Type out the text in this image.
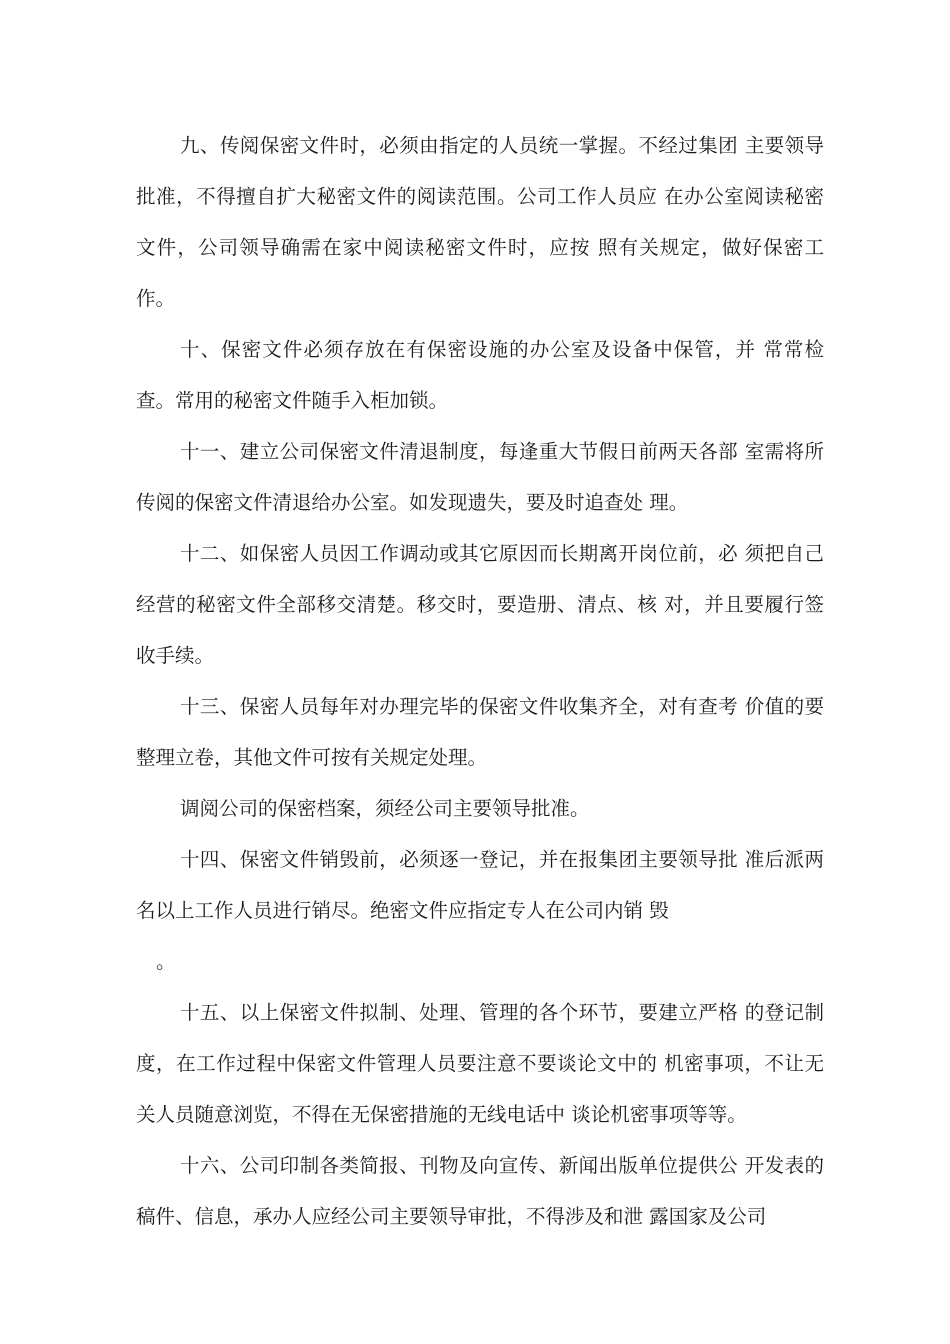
九、传阅保密文件时，必须由指定的人员统一掌握。不经过集团 主要领导批准，不得擅自扩大秘密文件的阅读范围。公司工作人员应 在办公室阅读秘密文件，公司领导确需在家中阅读秘密文件时，应按 照有关规定，做好保密工作。

十、保密文件必须存放在有保密设施的办公室及设备中保管，并 常常检查。常用的秘密文件随手入柜加锁。

十一、建立公司保密文件清退制度，每逢重大节假日前两天各部 室需将所传阅的保密文件清退给办公室。如发现遗失，要及时追查处 理。

十二、如保密人员因工作调动或其它原因而长期离开岗位前，必 须把自己经营的秘密文件全部移交清楚。移交时，要造册、清点、核 对，并且要履行签收手续。

十三、保密人员每年对办理完毕的保密文件收集齐全，对有查考 价值的要整理立卷，其他文件可按有关规定处理。

调阅公司的保密档案，须经公司主要领导批准。

十四、保密文件销毁前，必须逐一登记，并在报集团主要领导批 准后派两名以上工作人员进行销尽。绝密文件应指定专人在公司内销 毁

。

十五、以上保密文件拟制、处理、管理的各个环节，要建立严格 的登记制度，在工作过程中保密文件管理人员要注意不要谈论文中的 机密事项，不让无关人员随意浏览，不得在无保密措施的无线电话中 谈论机密事项等等。

十六、公司印制各类简报、刊物及向宣传、新闻出版单位提供公 开发表的稿件、信息，承办人应经公司主要领导审批，不得涉及和泄 露国家及公司
